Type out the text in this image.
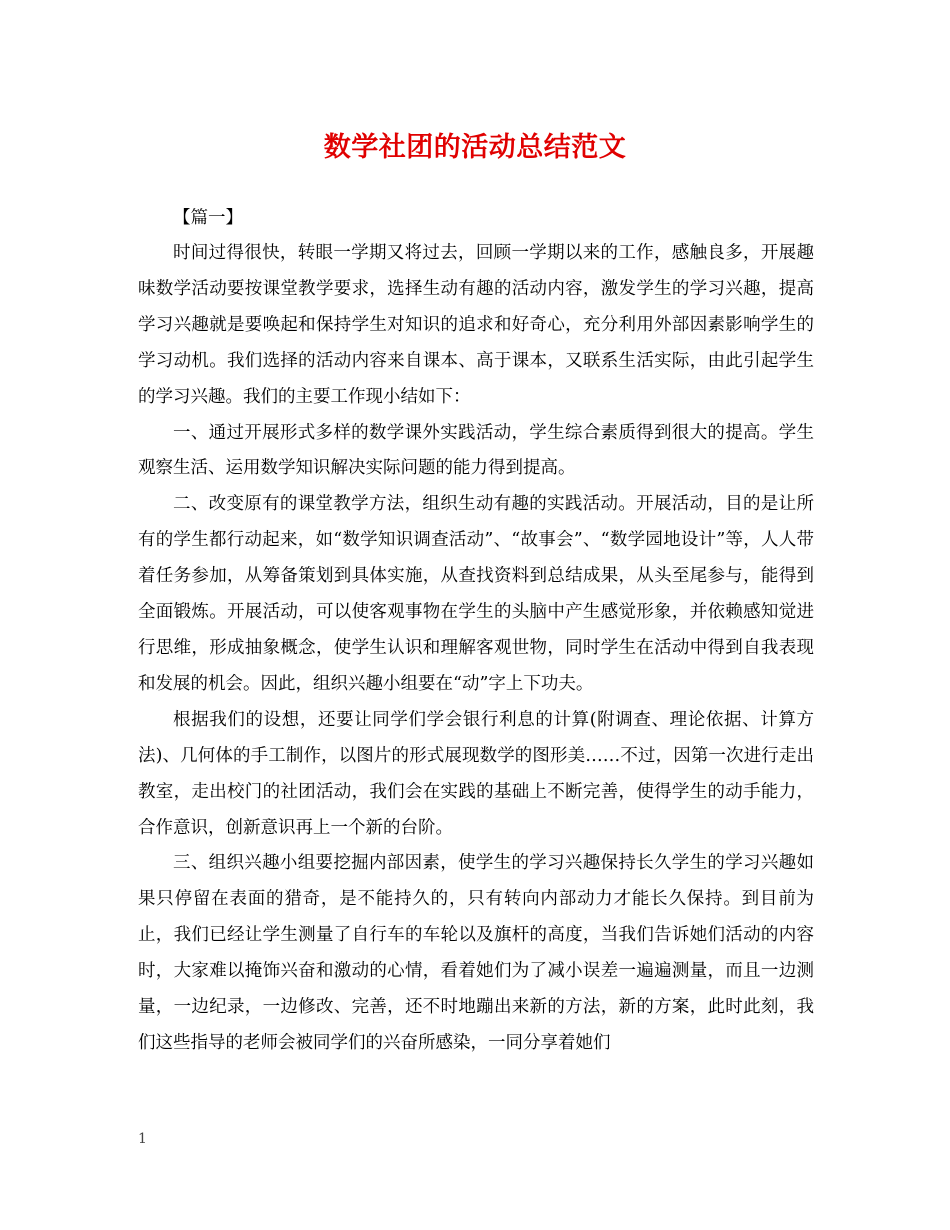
数学社团的活动总结范文
【篇一】

时间过得很快，转眼一学期又将过去，回顾一学期以来的工作，感触良多，开展趣味数学活动要按课堂教学要求，选择生动有趣的活动内容，激发学生的学习兴趣，提高学习兴趣就是要唤起和保持学生对知识的追求和好奇心，充分利用外部因素影响学生的学习动机。我们选择的活动内容来自课本、高于课本，又联系生活实际，由此引起学生的学习兴趣。我们的主要工作现小结如下：

一、通过开展形式多样的数学课外实践活动，学生综合素质得到很大的提高。学生观察生活、运用数学知识解决实际问题的能力得到提高。

二、改变原有的课堂教学方法，组织生动有趣的实践活动。开展活动，目的是让所有的学生都行动起来，如“数学知识调查活动”、“故事会”、“数学园地设计”等，人人带着任务参加，从筹备策划到具体实施，从查找资料到总结成果，从头至尾参与，能得到全面锻炼。开展活动，可以使客观事物在学生的头脑中产生感觉形象，并依赖感知觉进行思维，形成抽象概念，使学生认识和理解客观世物，同时学生在活动中得到自我表现和发展的机会。因此，组织兴趣小组要在“动”字上下功夫。

根据我们的设想，还要让同学们学会银行利息的计算(附调查、理论依据、计算方法)、几何体的手工制作，以图片的形式展现数学的图形美……不过，因第一次进行走出教室，走出校门的社团活动，我们会在实践的基础上不断完善，使得学生的动手能力，合作意识，创新意识再上一个新的台阶。

三、组织兴趣小组要挖掘内部因素，使学生的学习兴趣保持长久学生的学习兴趣如果只停留在表面的猎奇，是不能持久的，只有转向内部动力才能长久保持。到目前为止，我们已经让学生测量了自行车的车轮以及旗杆的高度，当我们告诉她们活动的内容时，大家难以掩饰兴奋和激动的心情，看着她们为了减小误差一遍遍测量，而且一边测量，一边纪录，一边修改、完善，还不时地蹦出来新的方法，新的方案，此时此刻，我们这些指导的老师会被同学们的兴奋所感染，一同分享着她们

1
